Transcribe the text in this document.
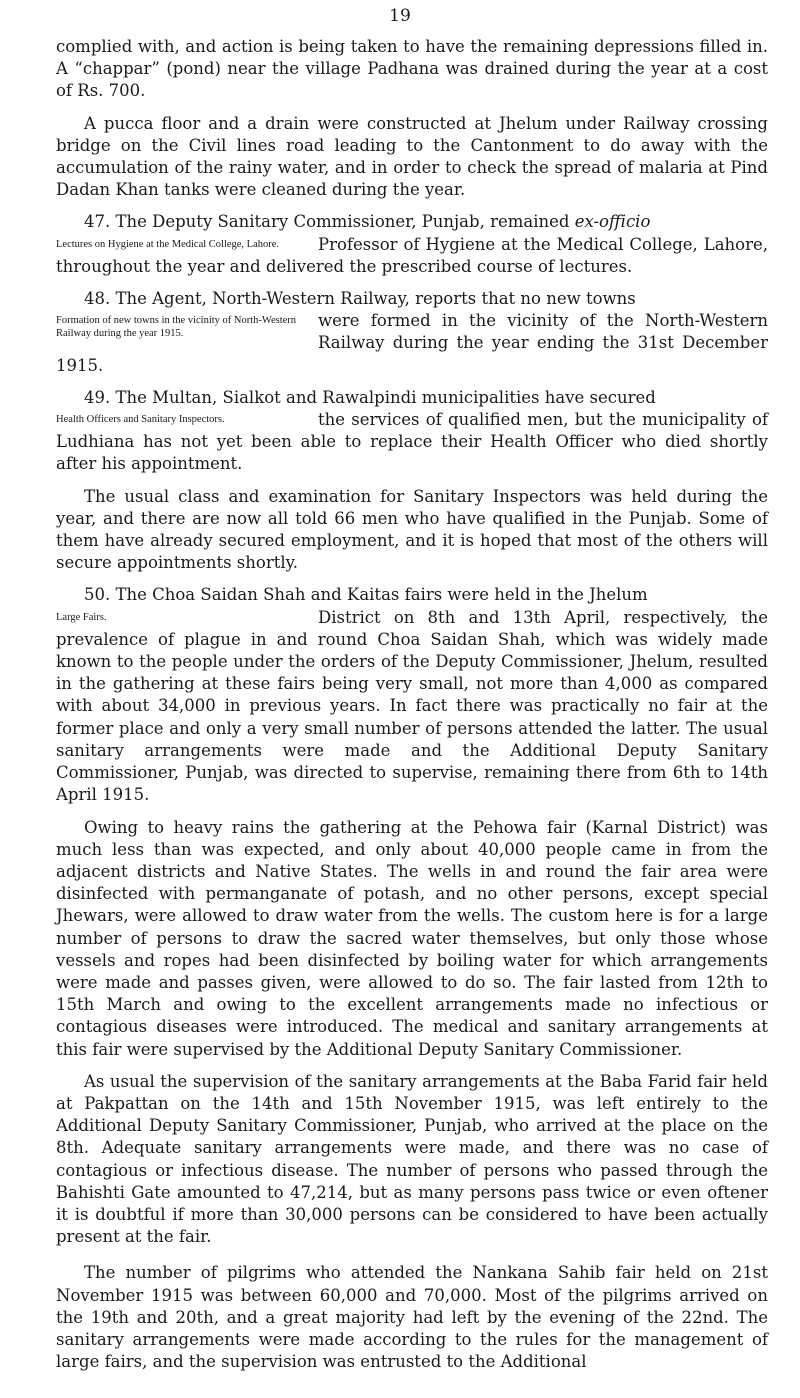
19

complied with, and action is being taken to have the remaining depressions filled in. A “chappar” (pond) near the village Padhana was drained during the year at a cost of Rs. 700.

A pucca floor and a drain were constructed at Jhelum under Railway crossing bridge on the Civil lines road leading to the Cantonment to do away with the accumulation of the rainy water, and in order to check the spread of malaria at Pind Dadan Khan tanks were cleaned during the year.

47. The Deputy Sanitary Commissioner, Punjab, remained ex-officio

Lectures on Hygiene at the Medical College, Lahore.	Professor of Hygiene at the Medical College, Lahore, throughout the year and delivered the prescribed course of lectures.

48. The Agent, North-Western Railway, reports that no new towns

Formation of new towns in the vicinity of North-Western Railway during the year 1915.

were formed in the vicinity of the North-Western Railway during the year ending the 31st December 1915.

49. The Multan, Sialkot and Rawalpindi municipalities have secured

Health Officers and Sanitary Inspectors.	the services of qualified men, but the municipality of Ludhiana has not yet been able to replace their Health Officer who died shortly after his appointment.

The usual class and examination for Sanitary Inspectors was held during the year, and there are now all told 66 men who have qualified in the Punjab. Some of them have already secured employment, and it is hoped that most of the others will secure appointments shortly.

50. The Choa Saidan Shah and Kaitas fairs were held in the Jhelum

Large Fairs.	District on 8th and 13th April, respectively, the prevalence of plague in and round Choa Saidan Shah, which was widely made known to the people under the orders of the Deputy Commissioner, Jhelum, resulted in the gathering at these fairs being very small, not more than 4,000 as compared with about 34,000 in previous years. In fact there was practically no fair at the former place and only a very small number of persons attended the latter. The usual sanitary arrangements were made and the Additional Deputy Sanitary Commissioner, Punjab, was directed to supervise, remaining there from 6th to 14th April 1915.

Owing to heavy rains the gathering at the Pehowa fair (Karnal District) was much less than was expected, and only about 40,000 people came in from the adjacent districts and Native States. The wells in and round the fair area were disinfected with permanganate of potash, and no other persons, except special Jhewars, were allowed to draw water from the wells. The custom here is for a large number of persons to draw the sacred water themselves, but only those whose vessels and ropes had been disinfected by boiling water for which arrangements were made and passes given, were allowed to do so. The fair lasted from 12th to 15th March and owing to the excellent arrangements made no infectious or contagious diseases were introduced. The medical and sanitary arrangements at this fair were supervised by the Additional Deputy Sanitary Commissioner.

As usual the supervision of the sanitary arrangements at the Baba Farid fair held at Pakpattan on the 14th and 15th November 1915, was left entirely to the Additional Deputy Sanitary Commissioner, Punjab, who arrived at the place on the 8th. Adequate sanitary arrangements were made, and there was no case of contagious or infectious disease. The number of persons who passed through the Bahishti Gate amounted to 47,214, but as many persons pass twice or even oftener it is doubtful if more than 30,000 persons can be considered to have been actually present at the fair.

The number of pilgrims who attended the Nankana Sahib fair held on 21st November 1915 was between 60,000 and 70,000. Most of the pilgrims arrived on the 19th and 20th, and a great majority had left by the evening of the 22nd. The sanitary arrangements were made according to the rules for the management of large fairs, and the supervision was entrusted to the Additional
